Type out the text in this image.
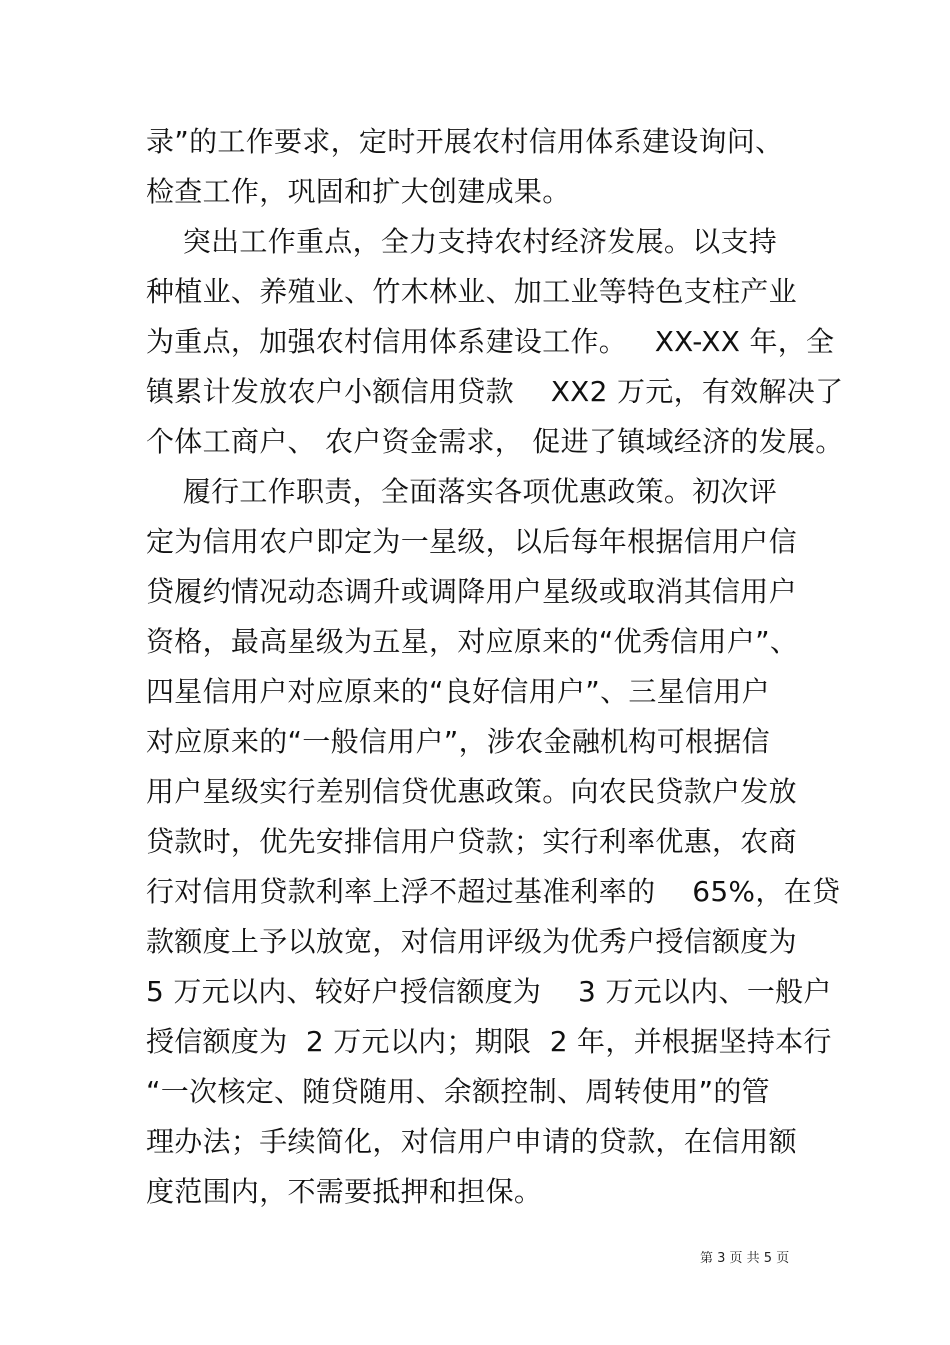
录”的工作要求，定时开展农村信用体系建设询问、
检查工作，巩固和扩大创建成果。
突出工作重点，全力支持农村经济发展。以支持
种植业、养殖业、竹木林业、加工业等特色支柱产业
为重点，加强农村信用体系建设工作。   XX-XX 年，全
镇累计发放农户小额信用贷款    XX2 万元，有效解决了
个体工商户、 农户资金需求， 促进了镇域经济的发展。
履行工作职责，全面落实各项优惠政策。初次评
定为信用农户即定为一星级，以后每年根据信用户信
贷履约情况动态调升或调降用户星级或取消其信用户
资格，最高星级为五星，对应原来的“优秀信用户”、
四星信用户对应原来的“良好信用户”、三星信用户
对应原来的“一般信用户”，涉农金融机构可根据信
用户星级实行差别信贷优惠政策。向农民贷款户发放
贷款时，优先安排信用户贷款；实行利率优惠，农商
行对信用贷款利率上浮不超过基准利率的    65%，在贷
款额度上予以放宽，对信用评级为优秀户授信额度为
5 万元以内、较好户授信额度为    3 万元以内、一般户
授信额度为  2 万元以内；期限  2 年，并根据坚持本行
“一次核定、随贷随用、余额控制、周转使用”的管
理办法；手续简化，对信用户申请的贷款，在信用额
度范围内，不需要抵押和担保。
第 3 页 共 5 页
